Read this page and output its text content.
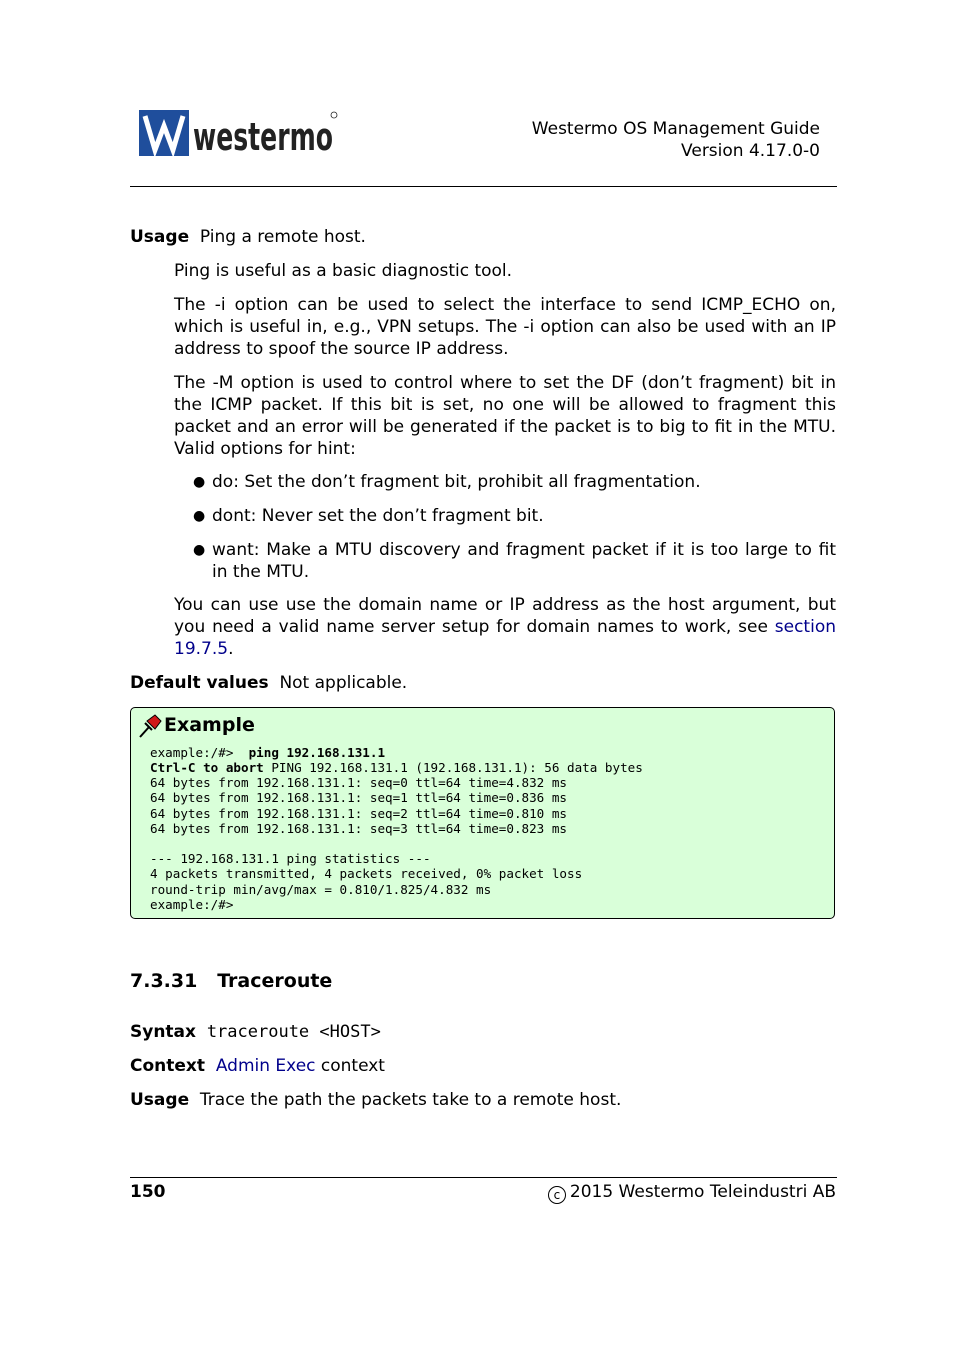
westermo	Westermo OS Management Guide
Version 4.17.0-0
Usage Ping a remote host.
Ping is useful as a basic diagnostic tool.
The -i option can be used to select the interface to send ICMP_ECHO on, which is useful in, e.g., VPN setups. The -i option can also be used with an IP address to spoof the source IP address.
The -M option is used to control where to set the DF (don’t fragment) bit in the ICMP packet. If this bit is set, no one will be allowed to fragment this packet and an error will be generated if the packet is to big to fit in the MTU. Valid options for hint:
● do: Set the don’t fragment bit, prohibit all fragmentation.
● dont: Never set the don’t fragment bit.
● want: Make a MTU discovery and fragment packet if it is too large to fit in the MTU.
You can use use the domain name or IP address as the host argument, but you need a valid name server setup for domain names to work, see section 19.7.5.
Default values Not applicable.
Example
example:/#> ping 192.168.131.1
Ctrl-C to abort PING 192.168.131.1 (192.168.131.1): 56 data bytes
64 bytes from 192.168.131.1: seq=0 ttl=64 time=4.832 ms
64 bytes from 192.168.131.1: seq=1 ttl=64 time=0.836 ms
64 bytes from 192.168.131.1: seq=2 ttl=64 time=0.810 ms
64 bytes from 192.168.131.1: seq=3 ttl=64 time=0.823 ms
--- 192.168.131.1 ping statistics ---
4 packets transmitted, 4 packets received, 0% packet loss
round-trip min/avg/max = 0.810/1.825/4.832 ms
example:/#>
7.3.31 Traceroute
Syntax traceroute <HOST>
Context Admin Exec context
Usage Trace the path the packets take to a remote host.
150	c 2015 Westermo Teleindustri AB
